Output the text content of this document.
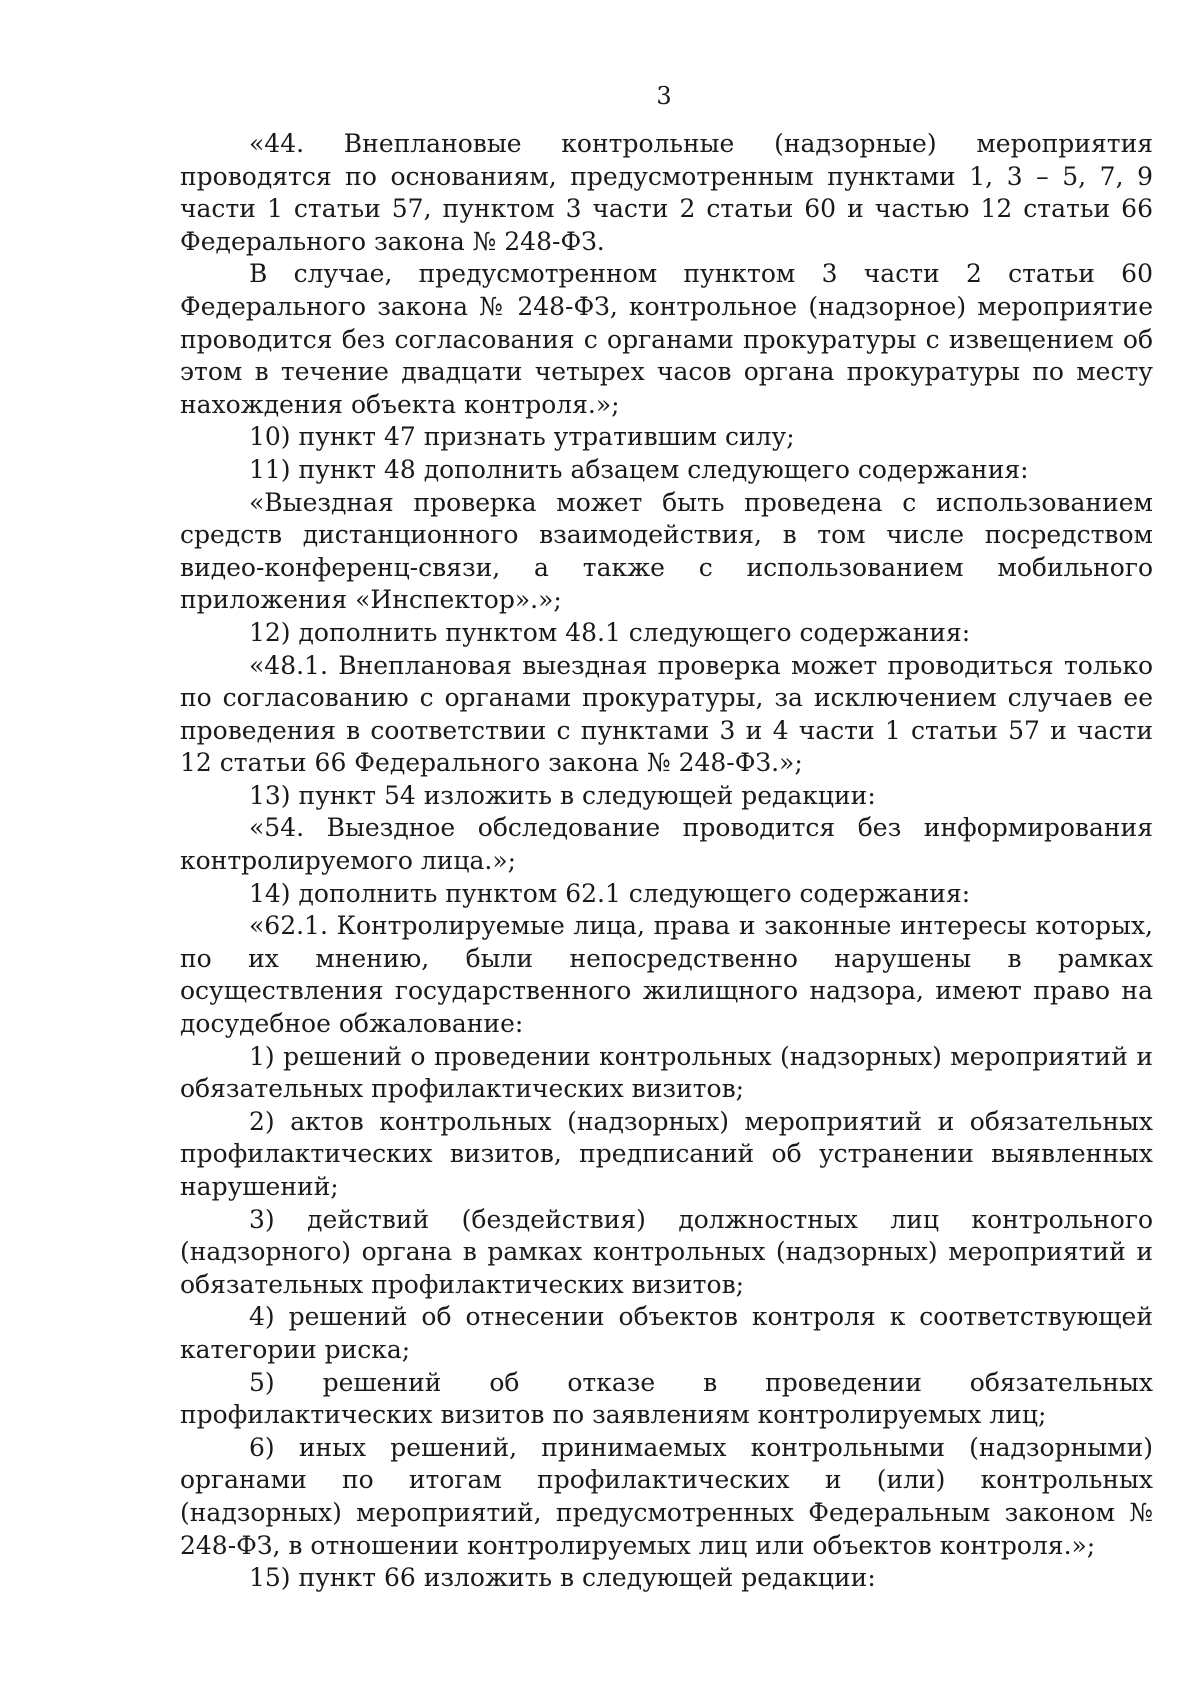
3

«44. Внеплановые контрольные (надзорные) мероприятия проводятся по основаниям, предусмотренным пунктами 1, 3 – 5, 7, 9 части 1 статьи 57, пунктом 3 части 2 статьи 60 и частью 12 статьи 66 Федерального закона № 248-ФЗ.

В случае, предусмотренном пунктом 3 части 2 статьи 60 Федерального закона № 248-ФЗ, контрольное (надзорное) мероприятие проводится без согласования с органами прокуратуры с извещением об этом в течение двадцати четырех часов органа прокуратуры по месту нахождения объекта контроля.»;

10) пункт 47 признать утратившим силу;

11) пункт 48 дополнить абзацем следующего содержания:

«Выездная проверка может быть проведена с использованием средств дистанционного взаимодействия, в том числе посредством видео-конференц-связи, а также с использованием мобильного приложения «Инспектор».»;

12) дополнить пунктом 48.1 следующего содержания:

«48.1. Внеплановая выездная проверка может проводиться только по согласованию с органами прокуратуры, за исключением случаев ее проведения в соответствии с пунктами 3 и 4 части 1 статьи 57 и части 12 статьи 66 Федерального закона № 248-ФЗ.»;

13) пункт 54 изложить в следующей редакции:

«54. Выездное обследование проводится без информирования контролируемого лица.»;

14) дополнить пунктом 62.1 следующего содержания:

«62.1. Контролируемые лица, права и законные интересы которых, по их мнению, были непосредственно нарушены в рамках осуществления государственного жилищного надзора, имеют право на досудебное обжалование:

1) решений о проведении контрольных (надзорных) мероприятий и обязательных профилактических визитов;

2) актов контрольных (надзорных) мероприятий и обязательных профилактических визитов, предписаний об устранении выявленных нарушений;

3) действий (бездействия) должностных лиц контрольного (надзорного) органа в рамках контрольных (надзорных) мероприятий и обязательных профилактических визитов;

4) решений об отнесении объектов контроля к соответствующей категории риска;

5) решений об отказе в проведении обязательных профилактических визитов по заявлениям контролируемых лиц;

6) иных решений, принимаемых контрольными (надзорными) органами по итогам профилактических и (или) контрольных (надзорных) мероприятий, предусмотренных Федеральным законом № 248-ФЗ, в отношении контролируемых лиц или объектов контроля.»;

15) пункт 66 изложить в следующей редакции:
